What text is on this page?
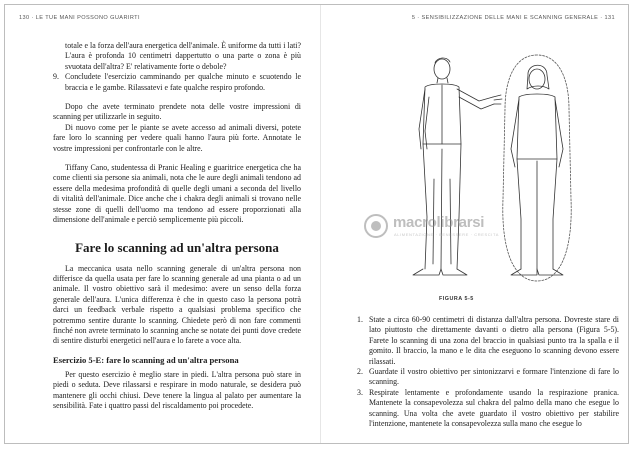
130 · LE TUE MANI POSSONO GUARIRTI

totale e la forza dell'aura energetica dell'animale. È uniforme da tutti i lati? L'aura è profonda 10 centimetri dappertutto o una parte o zona è più svuotata dell'altra? E' relativamente forte o debole?

9. Concludete l'esercizio camminando per qualche minuto e scuotendo le braccia e le gambe. Rilassatevi e fate qualche respiro profondo.

Dopo che avete terminato prendete nota delle vostre impressioni di scanning per utilizzarle in seguito.

Di nuovo come per le piante se avete accesso ad animali diversi, potete fare loro lo scanning per vedere quali hanno l'aura più forte. Annotate le vostre impressioni per confrontarle con le altre.

Tiffany Cano, studentessa di Pranic Healing e guaritrice energetica che ha come clienti sia persone sia animali, nota che le aure degli animali tendono ad essere della medesima profondità di quelle degli umani a seconda del livello di vitalità dell'animale. Dice anche che i chakra degli animali si trovano nelle stesse zone di quelli dell'uomo ma tendono ad essere proporzionati alla dimensione dell'animale e perciò semplicemente più piccoli.

Fare lo scanning ad un'altra persona

La meccanica usata nello scanning generale di un'altra persona non differisce da quella usata per fare lo scanning generale ad una pianta o ad un animale. Il vostro obiettivo sarà il medesimo: avere un senso della forza generale dell'aura. L'unica differenza è che in questo caso la persona potrà darci un feedback verbale rispetto a qualsiasi problema specifico che potremmo sentire durante lo scanning. Chiedete però di non fare commenti finché non avrete terminato lo scanning anche se notate dei punti dove credete di sentire disturbi energetici nell'aura e lo farete a voce alta.

Esercizio 5-E: fare lo scanning ad un'altra persona

Per questo esercizio è meglio stare in piedi. L'altra persona può stare in piedi o seduta. Deve rilassarsi e respirare in modo naturale, se desidera può mantenere gli occhi chiusi. Deve tenere la lingua al palato per aumentare la sensibilità. Fate i quattro passi del riscaldamento poi procedete.

5 · SENSIBILIZZAZIONE DELLE MANI E SCANNING GENERALE · 131
FIGURA 5-5
1. State a circa 60-90 centimetri di distanza dall'altra persona. Dovreste stare di lato piuttosto che direttamente davanti o dietro alla persona (Figura 5-5). Farete lo scanning di una zona del braccio in qualsiasi punto tra la spalla e il gomito. Il braccio, la mano e le dita che eseguono lo scanning devono essere rilassati.
2. Guardate il vostro obiettivo per sintonizzarvi e formare l'intenzione di fare lo scanning.
3. Respirate lentamente e profondamente usando la respirazione pranica. Mantenete la consapevolezza sul chakra del palmo della mano che esegue lo scanning. Una volta che avete guardato il vostro obiettivo per stabilire l'intenzione, mantenete la consapevolezza sulla mano che esegue lo
macrolibrarsi
ALIMENTAZIONE · BENESSERE · CRESCITA
